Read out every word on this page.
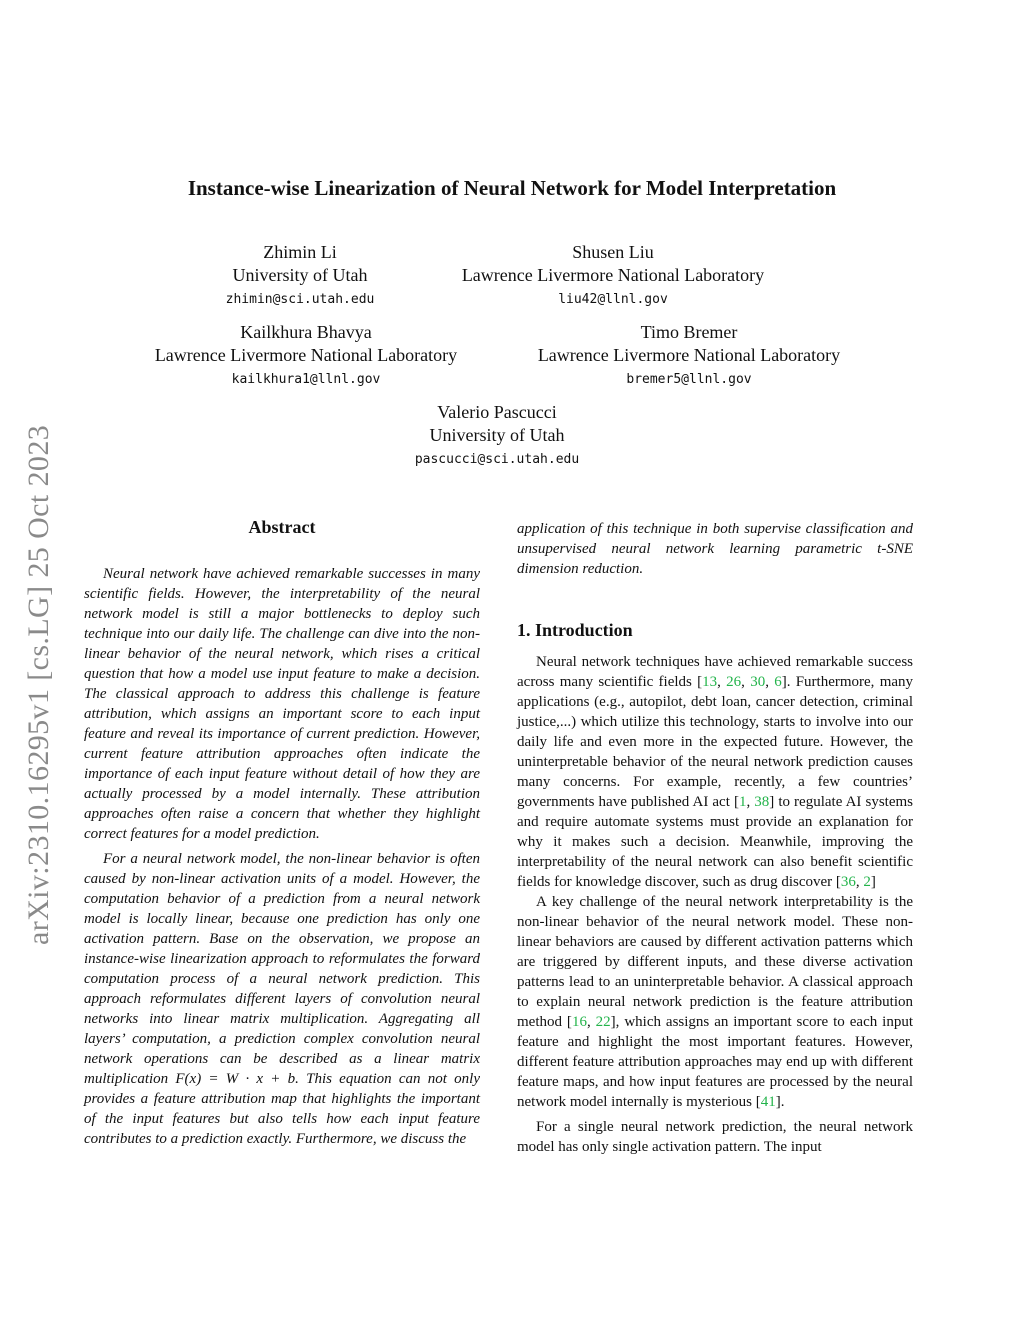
arXiv:2310.16295v1 [cs.LG] 25 Oct 2023
Instance-wise Linearization of Neural Network for Model Interpretation
Zhimin Li
University of Utah
zhimin@sci.utah.edu
Shusen Liu
Lawrence Livermore National Laboratory
liu42@llnl.gov
Kailkhura Bhavya
Lawrence Livermore National Laboratory
kailkhura1@llnl.gov
Timo Bremer
Lawrence Livermore National Laboratory
bremer5@llnl.gov
Valerio Pascucci
University of Utah
pascucci@sci.utah.edu
Abstract

Neural network have achieved remarkable successes in many scientific fields. However, the interpretability of the neural network model is still a major bottlenecks to deploy such technique into our daily life. The challenge can dive into the non-linear behavior of the neural network, which rises a critical question that how a model use input feature to make a decision. The classical approach to address this challenge is feature attribution, which assigns an important score to each input feature and reveal its importance of current prediction. However, current feature attribution approaches often indicate the importance of each input feature without detail of how they are actually processed by a model internally. These attribution approaches often raise a concern that whether they highlight correct features for a model prediction.

For a neural network model, the non-linear behavior is often caused by non-linear activation units of a model. However, the computation behavior of a prediction from a neural network model is locally linear, because one prediction has only one activation pattern. Base on the observation, we propose an instance-wise linearization approach to reformulates the forward computation process of a neural network prediction. This approach reformulates different layers of convolution neural networks into linear matrix multiplication. Aggregating all layers’ computation, a prediction complex convolution neural network operations can be described as a linear matrix multiplication F(x) = W · x + b. This equation can not only provides a feature attribution map that highlights the important of the input features but also tells how each input feature contributes to a prediction exactly. Furthermore, we discuss the

application of this technique in both supervise classification and unsupervised neural network learning parametric t-SNE dimension reduction.

1. Introduction

Neural network techniques have achieved remarkable success across many scientific fields [13, 26, 30, 6]. Furthermore, many applications (e.g., autopilot, debt loan, cancer detection, criminal justice,...) which utilize this technology, starts to involve into our daily life and even more in the expected future. However, the uninterpretable behavior of the neural network prediction causes many concerns. For example, recently, a few countries’ governments have published AI act [1, 38] to regulate AI systems and require automate systems must provide an explanation for why it makes such a decision. Meanwhile, improving the interpretability of the neural network can also benefit scientific fields for knowledge discover, such as drug discover [36, 2]

A key challenge of the neural network interpretability is the non-linear behavior of the neural network model. These non-linear behaviors are caused by different activation patterns which are triggered by different inputs, and these diverse activation patterns lead to an uninterpretable behavior. A classical approach to explain neural network prediction is the feature attribution method [16, 22], which assigns an important score to each input feature and highlight the most important features. However, different feature attribution approaches may end up with different feature maps, and how input features are processed by the neural network model internally is mysterious [41].

For a single neural network prediction, the neural network model has only single activation pattern. The input
